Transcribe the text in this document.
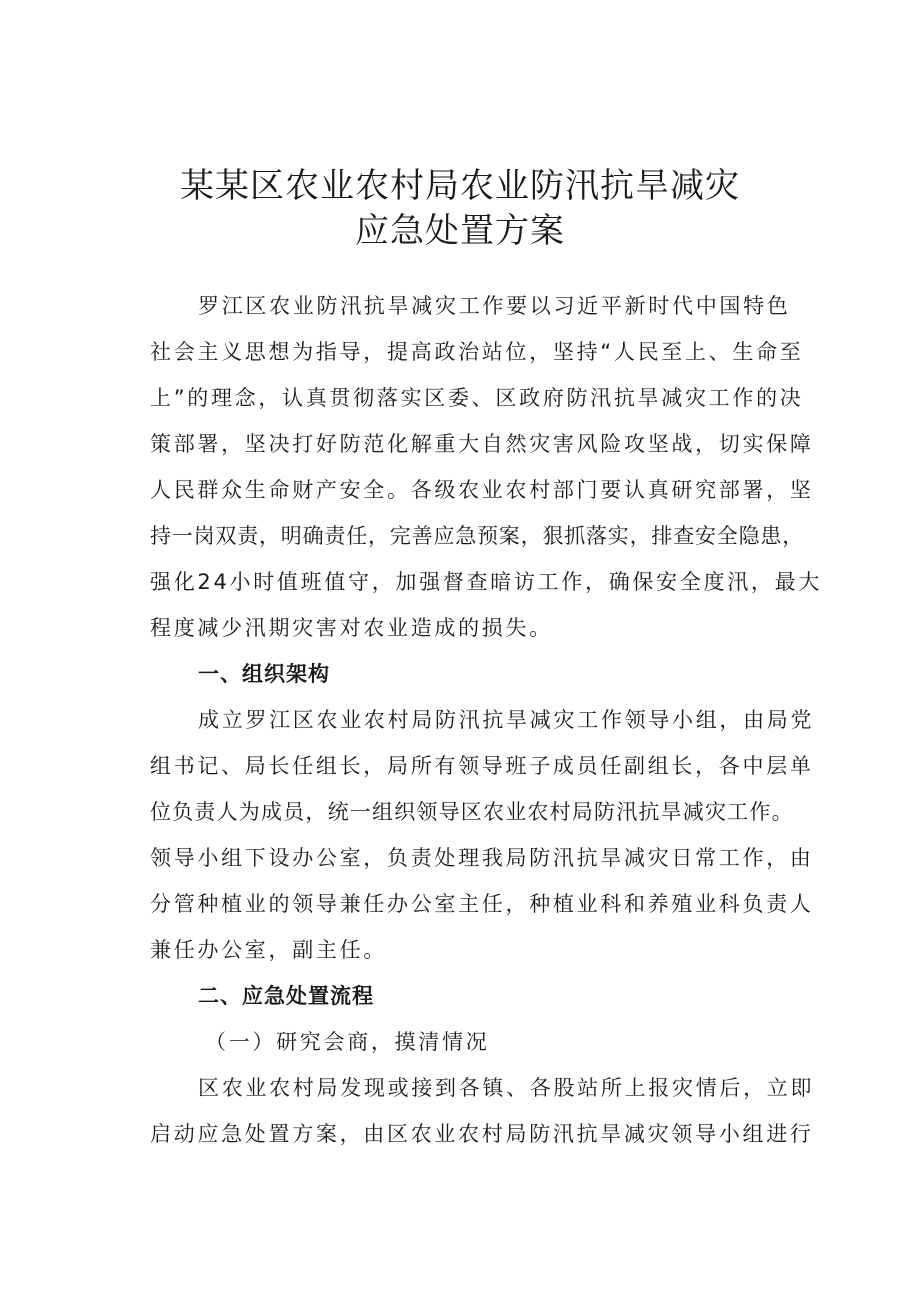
某某区农业农村局农业防汛抗旱减灾
应急处置方案
罗江区农业防汛抗旱减灾工作要以习近平新时代中国特色
社会主义思想为指导，提高政治站位，坚持“人民至上、生命至
上”的理念，认真贯彻落实区委、区政府防汛抗旱减灾工作的决
策部署，坚决打好防范化解重大自然灾害风险攻坚战，切实保障
人民群众生命财产安全。各级农业农村部门要认真研究部署，坚
持一岗双责，明确责任，完善应急预案，狠抓落实，排查安全隐患，
强化24小时值班值守，加强督查暗访工作，确保安全度汛，最大
程度减少汛期灾害对农业造成的损失。
一、组织架构
成立罗江区农业农村局防汛抗旱减灾工作领导小组，由局党
组书记、局长任组长，局所有领导班子成员任副组长，各中层单
位负责人为成员，统一组织领导区农业农村局防汛抗旱减灾工作。
领导小组下设办公室，负责处理我局防汛抗旱减灾日常工作，由
分管种植业的领导兼任办公室主任，种植业科和养殖业科负责人
兼任办公室，副主任。
二、应急处置流程
（一）研究会商，摸清情况
区农业农村局发现或接到各镇、各股站所上报灾情后，立即
启动应急处置方案，由区农业农村局防汛抗旱减灾领导小组进行
